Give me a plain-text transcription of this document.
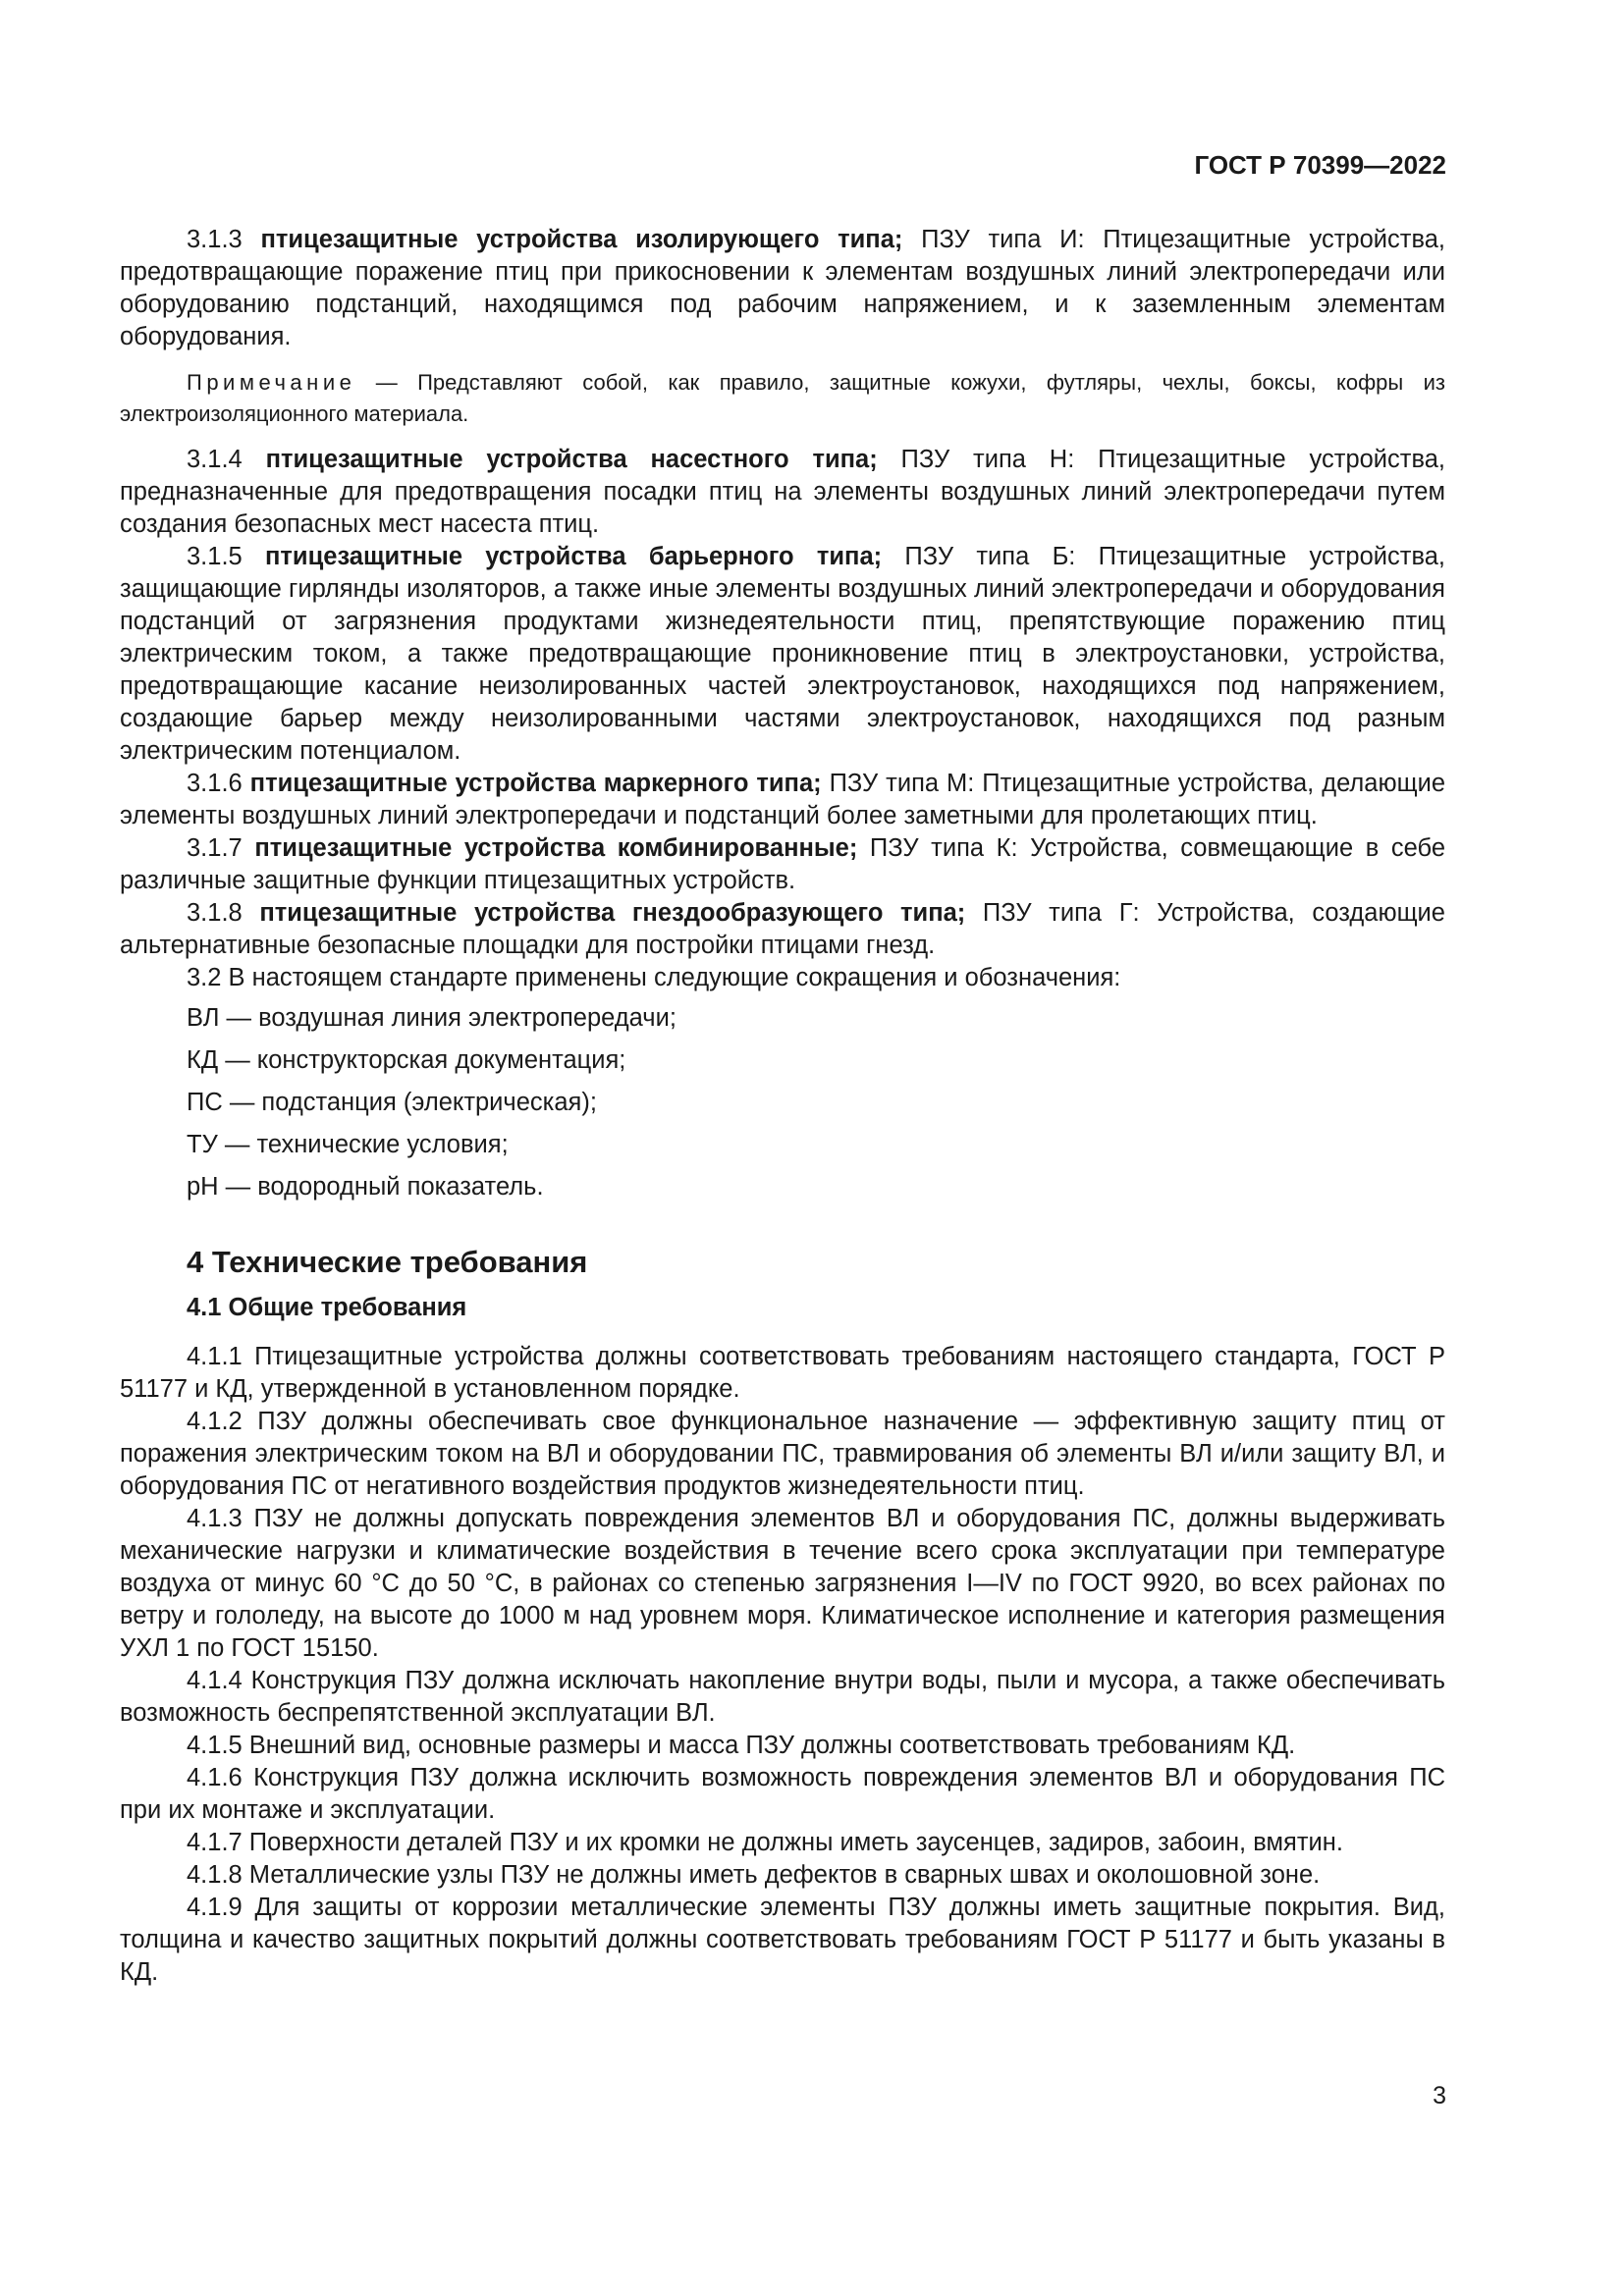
ГОСТ Р 70399—2022

3.1.3 птицезащитные устройства изолирующего типа; ПЗУ типа И: Птицезащитные устройства, предотвращающие поражение птиц при прикосновении к элементам воздушных линий электропередачи или оборудованию подстанций, находящимся под рабочим напряжением, и к заземленным элементам оборудования.

Примечание — Представляют собой, как правило, защитные кожухи, футляры, чехлы, боксы, кофры из электроизоляционного материала.

3.1.4 птицезащитные устройства насестного типа; ПЗУ типа Н: Птицезащитные устройства, предназначенные для предотвращения посадки птиц на элементы воздушных линий электропередачи путем создания безопасных мест насеста птиц.

3.1.5 птицезащитные устройства барьерного типа; ПЗУ типа Б: Птицезащитные устройства, защищающие гирлянды изоляторов, а также иные элементы воздушных линий электропередачи и оборудования подстанций от загрязнения продуктами жизнедеятельности птиц, препятствующие поражению птиц электрическим током, а также предотвращающие проникновение птиц в электроустановки, устройства, предотвращающие касание неизолированных частей электроустановок, находящихся под напряжением, создающие барьер между неизолированными частями электроустановок, находящихся под разным электрическим потенциалом.

3.1.6 птицезащитные устройства маркерного типа; ПЗУ типа М: Птицезащитные устройства, делающие элементы воздушных линий электропередачи и подстанций более заметными для пролетающих птиц.

3.1.7 птицезащитные устройства комбинированные; ПЗУ типа К: Устройства, совмещающие в себе различные защитные функции птицезащитных устройств.

3.1.8 птицезащитные устройства гнездообразующего типа; ПЗУ типа Г: Устройства, создающие альтернативные безопасные площадки для постройки птицами гнезд.

3.2 В настоящем стандарте применены следующие сокращения и обозначения:

ВЛ — воздушная линия электропередачи;
КД — конструкторская документация;
ПС — подстанция (электрическая);
ТУ — технические условия;
pH — водородный показатель.
4 Технические требования
4.1 Общие требования

4.1.1 Птицезащитные устройства должны соответствовать требованиям настоящего стандарта, ГОСТ Р 51177 и КД, утвержденной в установленном порядке.

4.1.2 ПЗУ должны обеспечивать свое функциональное назначение — эффективную защиту птиц от поражения электрическим током на ВЛ и оборудовании ПС, травмирования об элементы ВЛ и/или защиту ВЛ, и оборудования ПС от негативного воздействия продуктов жизнедеятельности птиц.

4.1.3 ПЗУ не должны допускать повреждения элементов ВЛ и оборудования ПС, должны выдерживать механические нагрузки и климатические воздействия в течение всего срока эксплуатации при температуре воздуха от минус 60 °С до 50 °С, в районах со степенью загрязнения I—IV по ГОСТ 9920, во всех районах по ветру и гололеду, на высоте до 1000 м над уровнем моря. Климатическое исполнение и категория размещения УХЛ 1 по ГОСТ 15150.

4.1.4 Конструкция ПЗУ должна исключать накопление внутри воды, пыли и мусора, а также обеспечивать возможность беспрепятственной эксплуатации ВЛ.

4.1.5 Внешний вид, основные размеры и масса ПЗУ должны соответствовать требованиям КД.

4.1.6 Конструкция ПЗУ должна исключить возможность повреждения элементов ВЛ и оборудования ПС при их монтаже и эксплуатации.

4.1.7 Поверхности деталей ПЗУ и их кромки не должны иметь заусенцев, задиров, забоин, вмятин.

4.1.8 Металлические узлы ПЗУ не должны иметь дефектов в сварных швах и околошовной зоне.

4.1.9 Для защиты от коррозии металлические элементы ПЗУ должны иметь защитные покрытия. Вид, толщина и качество защитных покрытий должны соответствовать требованиям ГОСТ Р 51177 и быть указаны в КД.

3
